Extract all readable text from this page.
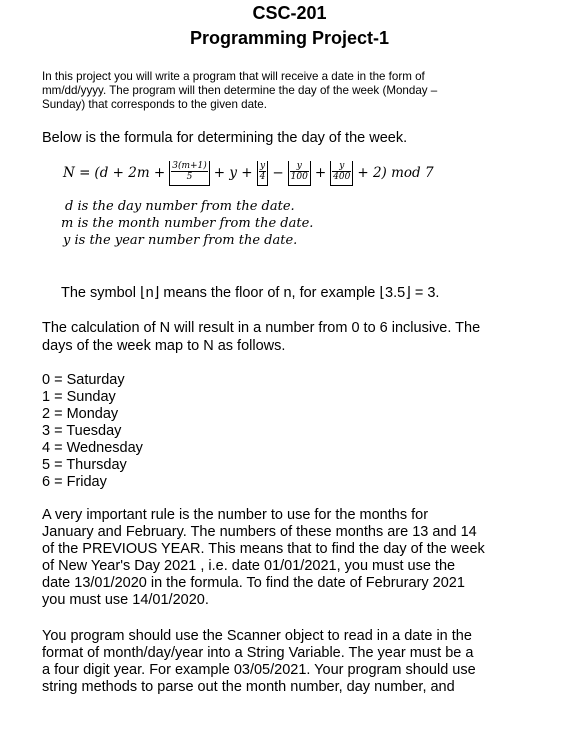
CSC-201
Programming Project-1
In this project you will write a program that will receive a date in the form of
mm/dd/yyyy. The program will then determine the day of the week (Monday –
Sunday) that corresponds to the given date.
Below is the formula for determining the day of the week.
$N = (d + 2m + \frac{3(m+1)}{5} + y + \frac{y}{4} - \frac{y}{100} + \frac{y}{400} + 2)$ mod 7
d is the day number from the date.
m is the month number from the date.
y is the year number from the date.
The symbol ⌊n⌋ means the floor of n, for example ⌊3.5⌋ = 3.
The calculation of N will result in a number from 0 to 6 inclusive. The
days of the week map to N as follows.
0 = Saturday
1 = Sunday
2 = Monday
3 = Tuesday
4 = Wednesday
5 = Thursday
6 = Friday
A very important rule is the number to use for the months for
January and February. The numbers of these months are 13 and 14
of the PREVIOUS YEAR. This means that to find the day of the week
of New Year's Day 2021 , i.e. date 01/01/2021, you must use the
date 13/01/2020 in the formula. To find the date of Februrary 2021
you must use 14/01/2020.
You program should use the Scanner object to read in a date in the
format of month/day/year into a String Variable. The year must be a
a four digit year. For example 03/05/2021. Your program should use
string methods to parse out the month number, day number, and
